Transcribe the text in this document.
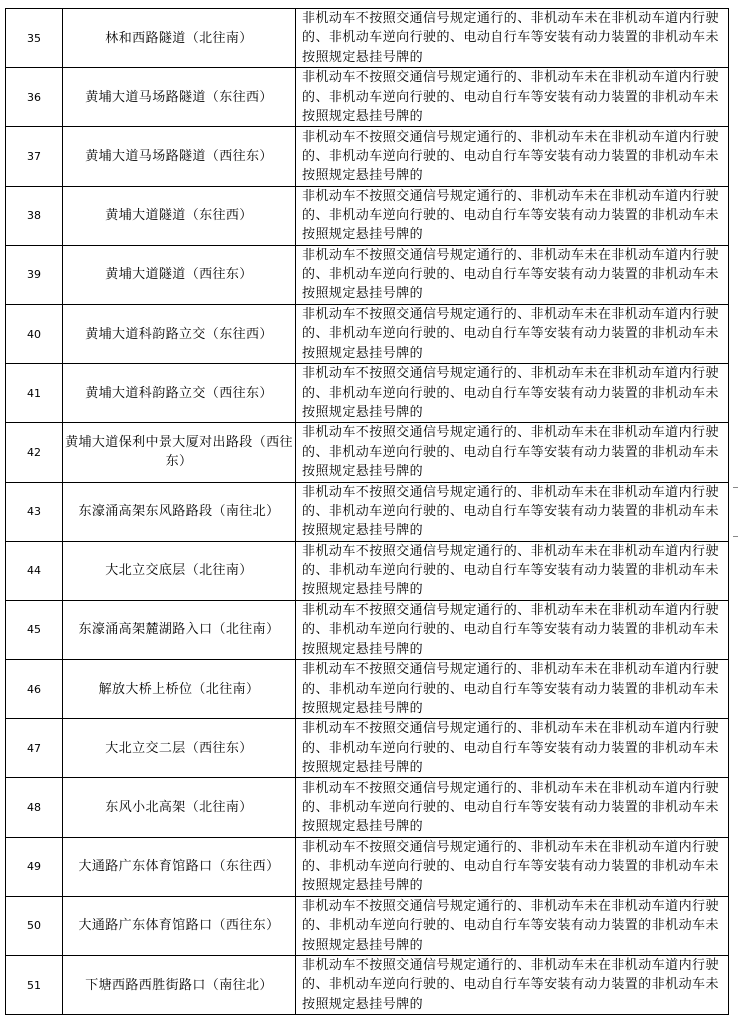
35	林和西路隧道（北往南）
非机动车不按照交通信号规定通行的、非机动车未在非机动车道内行驶的、非机动车逆向行驶的、电动自行车等安装有动力装置的非机动车未按照规定悬挂号牌的
36	黄埔大道马场路隧道（东往西）
非机动车不按照交通信号规定通行的、非机动车未在非机动车道内行驶的、非机动车逆向行驶的、电动自行车等安装有动力装置的非机动车未按照规定悬挂号牌的
37	黄埔大道马场路隧道（西往东）
非机动车不按照交通信号规定通行的、非机动车未在非机动车道内行驶的、非机动车逆向行驶的、电动自行车等安装有动力装置的非机动车未按照规定悬挂号牌的
38	黄埔大道隧道（东往西）
非机动车不按照交通信号规定通行的、非机动车未在非机动车道内行驶的、非机动车逆向行驶的、电动自行车等安装有动力装置的非机动车未按照规定悬挂号牌的
39	黄埔大道隧道（西往东）
非机动车不按照交通信号规定通行的、非机动车未在非机动车道内行驶的、非机动车逆向行驶的、电动自行车等安装有动力装置的非机动车未按照规定悬挂号牌的
40	黄埔大道科韵路立交（东往西）
非机动车不按照交通信号规定通行的、非机动车未在非机动车道内行驶的、非机动车逆向行驶的、电动自行车等安装有动力装置的非机动车未按照规定悬挂号牌的
41	黄埔大道科韵路立交（西往东）
非机动车不按照交通信号规定通行的、非机动车未在非机动车道内行驶的、非机动车逆向行驶的、电动自行车等安装有动力装置的非机动车未按照规定悬挂号牌的
42
黄埔大道保利中景大厦对出路段（西往东）
非机动车不按照交通信号规定通行的、非机动车未在非机动车道内行驶的、非机动车逆向行驶的、电动自行车等安装有动力装置的非机动车未按照规定悬挂号牌的
43	东濠涌高架东风路路段（南往北）
非机动车不按照交通信号规定通行的、非机动车未在非机动车道内行驶的、非机动车逆向行驶的、电动自行车等安装有动力装置的非机动车未按照规定悬挂号牌的
44	大北立交底层（北往南）
非机动车不按照交通信号规定通行的、非机动车未在非机动车道内行驶的、非机动车逆向行驶的、电动自行车等安装有动力装置的非机动车未按照规定悬挂号牌的
45	东濠涌高架麓湖路入口（北往南）
非机动车不按照交通信号规定通行的、非机动车未在非机动车道内行驶的、非机动车逆向行驶的、电动自行车等安装有动力装置的非机动车未按照规定悬挂号牌的
46	解放大桥上桥位（北往南）
非机动车不按照交通信号规定通行的、非机动车未在非机动车道内行驶的、非机动车逆向行驶的、电动自行车等安装有动力装置的非机动车未按照规定悬挂号牌的
47	大北立交二层（西往东）
非机动车不按照交通信号规定通行的、非机动车未在非机动车道内行驶的、非机动车逆向行驶的、电动自行车等安装有动力装置的非机动车未按照规定悬挂号牌的
48	东风小北高架（北往南）
非机动车不按照交通信号规定通行的、非机动车未在非机动车道内行驶的、非机动车逆向行驶的、电动自行车等安装有动力装置的非机动车未按照规定悬挂号牌的
49	大通路广东体育馆路口（东往西）
非机动车不按照交通信号规定通行的、非机动车未在非机动车道内行驶的、非机动车逆向行驶的、电动自行车等安装有动力装置的非机动车未按照规定悬挂号牌的
50	大通路广东体育馆路口（西往东）
非机动车不按照交通信号规定通行的、非机动车未在非机动车道内行驶的、非机动车逆向行驶的、电动自行车等安装有动力装置的非机动车未按照规定悬挂号牌的
51	下塘西路西胜街路口（南往北）
非机动车不按照交通信号规定通行的、非机动车未在非机动车道内行驶的、非机动车逆向行驶的、电动自行车等安装有动力装置的非机动车未按照规定悬挂号牌的
